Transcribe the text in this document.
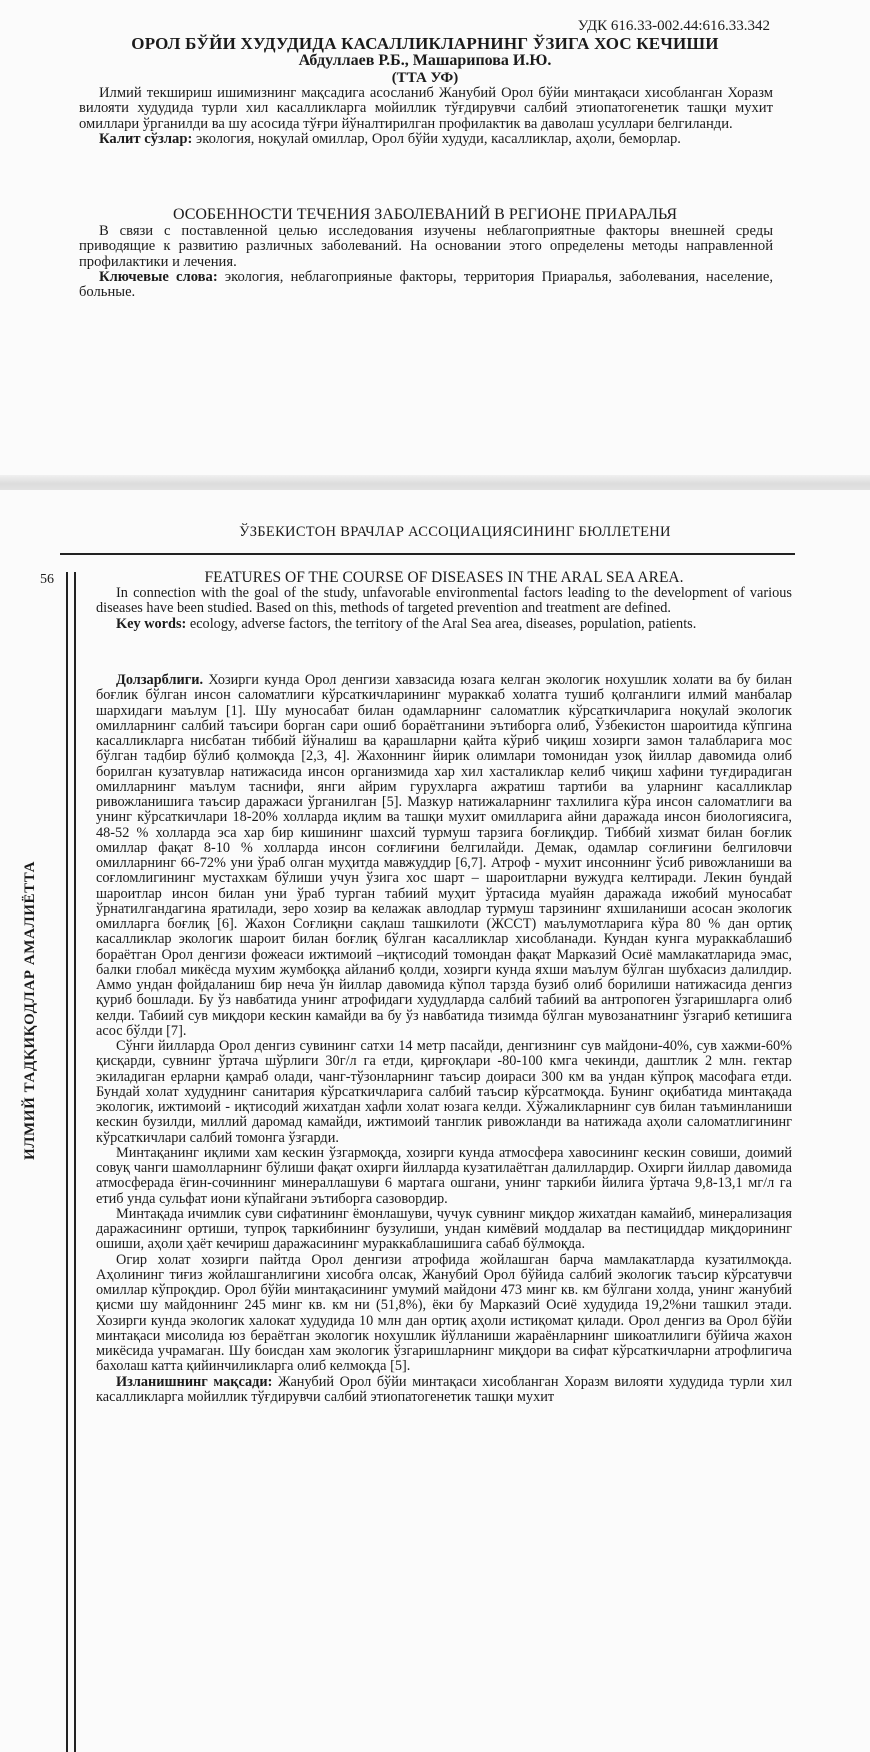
УДК 616.33-002.44:616.33.342
ОРОЛ БЎЙИ ХУДУДИДА КАСАЛЛИКЛАРНИНГ ЎЗИГА ХОС КЕЧИШИ
Абдуллаев Р.Б., Машарипова И.Ю.
(ТТА УФ)

Илмий текшириш ишимизнинг мақсадига асосланиб Жанубий Орол бўйи минтақаси хисобланган Хоразм вилояти худудида турли хил касалликларга мойиллик тўғдирувчи салбий этиопатогенетик ташқи мухит омиллари ўрганилди ва шу асосида тўғри йўналтирилган профилактик ва даволаш усуллари белгиланди.

Калит сўзлар: экология, ноқулай омиллар, Орол бўйи худуди, касалликлар, аҳоли, беморлар.

ОСОБЕННОСТИ ТЕЧЕНИЯ ЗАБОЛЕВАНИЙ В РЕГИОНЕ ПРИАРАЛЬЯ

В связи с поставленной целью исследования изучены неблагоприятные факторы внешней среды приводящие к развитию различных заболеваний. На основании этого определены методы направленной профилактики и лечения.

Ключевые слова: экология, неблагоприяные факторы, территория Приаралья, заболевания, население, больные.

ЎЗБЕКИСТОН ВРАЧЛАР АССОЦИАЦИЯСИНИНГ БЮЛЛЕТЕНИ
56
ИЛМИЙ ТАДҚИҚОДЛАР АМАЛИЁТТА
FEATURES OF THE COURSE OF DISEASES IN THE ARAL SEA AREA.

In connection with the goal of the study, unfavorable environmental factors leading to the development of various diseases have been studied. Based on this, methods of targeted prevention and treatment are defined.

Key words: ecology, adverse factors, the territory of the Aral Sea area, diseases, population, patients.

Долзарблиги. Хозирги кунда Орол денгизи хавзасида юзага келган экологик ноxушлик холати ва бу билан боғлик бўлган инсон саломатлиги кўрсаткичларининг мураккаб холатга тушиб қолганлиги илмий манбалар шархидаги маълум [1]. Шу муносабат билан одамларнинг саломатлик кўрсаткичларига ноқулай экологик омилларнинг салбий таъсири борган сари ошиб бораётганини эътиборга олиб, Ўзбекистон шароитида кўпгина касалликларга нисбатан тиббий йўналиш ва қарашларни қайта кўриб чиқиш хозирги замон талабларига мос бўлган тадбир бўлиб қолмоқда [2,3, 4]. Жахоннинг йирик олимлари томонидан узоқ йиллар давомида олиб борилган кузатувлар натижасида инсон организмида хар хил хасталиклар келиб чиқиш хафини туғдирадиган омилларнинг маълум таснифи, янги айрим гурухларга ажратиш тартиби ва уларнинг касалликлар ривожланишига таъсир даражаси ўрганилган [5]. Мазкур натижаларнинг тахлилига кўра инсон саломатлиги ва унинг кўрсаткичлари 18-20% холларда иқлим ва ташқи мухит омилларига айни даражада инсон биологиясига, 48-52 % холларда эса хар бир кишининг шахсий турмуш тарзига боғлиқдир. Тиббий хизмат билан боғлик омиллар фақат 8-10 % холларда инсон соғлиғини белгилайди. Демак, одамлар соғлиғини белгиловчи омилларнинг 66-72% уни ўраб олган муҳитда мавжуддир [6,7]. Атроф - мухит инсоннинг ўсиб ривожланиши ва соғломлигининг мустахкам бўлиши учун ўзига хос шарт – шароитларни вужудга келтиради. Лекин бундай шароитлар инсон билан уни ўраб турган табиий муҳит ўртасида муайян даражада ижобий муносабат ўрнатилгандагина яратилади, зеро хозир ва келажак авлодлар турмуш тарзининг яхшиланиши асосан экологик омилларга боғлиқ [6]. Жахон Соғлиқни сақлаш ташкилоти (ЖССТ) маълумотларига кўра 80 % дан ортиқ касалликлар экологик шароит билан боғлиқ бўлган касалликлар хисобланади. Кундан кунга мураккаблашиб бораётган Орол денгизи фожеаси ижтимоий –иқтисодий томондан фақат Марказий Осиё мамлакатларида эмас, балки глобал микёсда мухим жумбоққа айланиб қолди, хозирги кунда яхши маълум бўлган шубхасиз далилдир. Аммо ундан фойдаланиш бир неча ўн йиллар давомида кўпол тарзда бузиб олиб борилиши натижасида денгиз қуриб бошлади. Бу ўз навбатида унинг атрофидаги худудларда салбий табиий ва антропоген ўзгаришларга олиб келди. Табиий сув миқдори кескин камайди ва бу ўз навбатида тизимда бўлган мувозанатнинг ўзгариб кетишига асос бўлди [7].

Сўнги йилларда Орол денгиз сувининг сатхи 14 метр пасайди, денгизнинг сув майдони-40%, сув хажми-60% қисқарди, сувнинг ўртача шўрлиги 30г/л га етди, қирғоқлари -80-100 кмга чекинди, даштлик 2 млн. гектар экиладиган ерларни қамраб олади, чанг-тўзонларнинг таъсир доираси 300 км ва ундан кўпроқ масофага етди. Бундай холат худуднинг санитария кўрсаткичларига салбий таъсир кўрсатмоқда. Бунинг оқибатида минтақада экологик, ижтимоий - иқтисодий жихатдан хафли холат юзага келди. Хўжаликларнинг сув билан таъминланиши кескин бузилди, миллий даромад камайди, ижтимоий танглик ривожланди ва натижада аҳоли саломатлигининг кўрсаткичлари салбий томонга ўзгарди.

Минтақанинг иқлими хам кескин ўзгармоқда, хозирги кунда атмосфера хавосининг кескин совиши, доимий совуқ чанги шамолларнинг бўлиши фақат охирги йилларда кузатилаётган далиллардир. Охирги йиллар давомида атмосферада ёгин-сочиннинг минераллашуви 6 мартага ошгани, унинг таркиби йилига ўртача 9,8-13,1 мг/л га етиб унда сульфат иони кўпайгани эътиборга сазовордир.

Минтақада ичимлик суви сифатининг ёмонлашуви, чучук сувнинг миқдор жихатдан камайиб, минерализация даражасининг ортиши, тупроқ таркибининг бузулиши, ундан кимёвий моддалар ва пестициддар миқдорининг ошиши, аҳоли ҳаёт кечириш даражасининг мураккаблашишига сабаб бўлмоқда.

Огир холат хозирги пайтда Орол денгизи атрофида жойлашган барча мамлакатларда кузатилмоқда. Аҳолининг тиғиз жойлашганлигини хисобга олсак, Жанубий Орол бўйида салбий экологик таъсир кўрсатувчи омиллар кўпроқдир. Орол бўйи минтақасининг умумий майдони 473 минг кв. км бўлгани холда, унинг жанубий қисми шу майдоннинг 245 минг кв. км ни (51,8%), ёки бу Марказий Осиё худудида 19,2%ни ташкил этади. Хозирги кунда экологик халокат худудида 10 млн дан ортиқ аҳоли истиқомат қилади. Орол денгиз ва Орол бўйи минтақаси мисолида юз бераётган экологик ноxушлик йўлланиши жараёнларнинг шикоатлилиги бўйича жахон микёсида учрамаган. Шу боисдан хам экологик ўзгаришларнинг миқдори ва сифат кўрсаткичларни атрофлигича бахолаш катта қийинчиликларга олиб келмоқда [5].

Изланишнинг мақсади: Жанубий Орол бўйи минтақаси хисобланган Хоразм вилояти худудида турли хил касалликларга мойиллик тўғдирувчи салбий этиопатогенетик ташқи мухит
